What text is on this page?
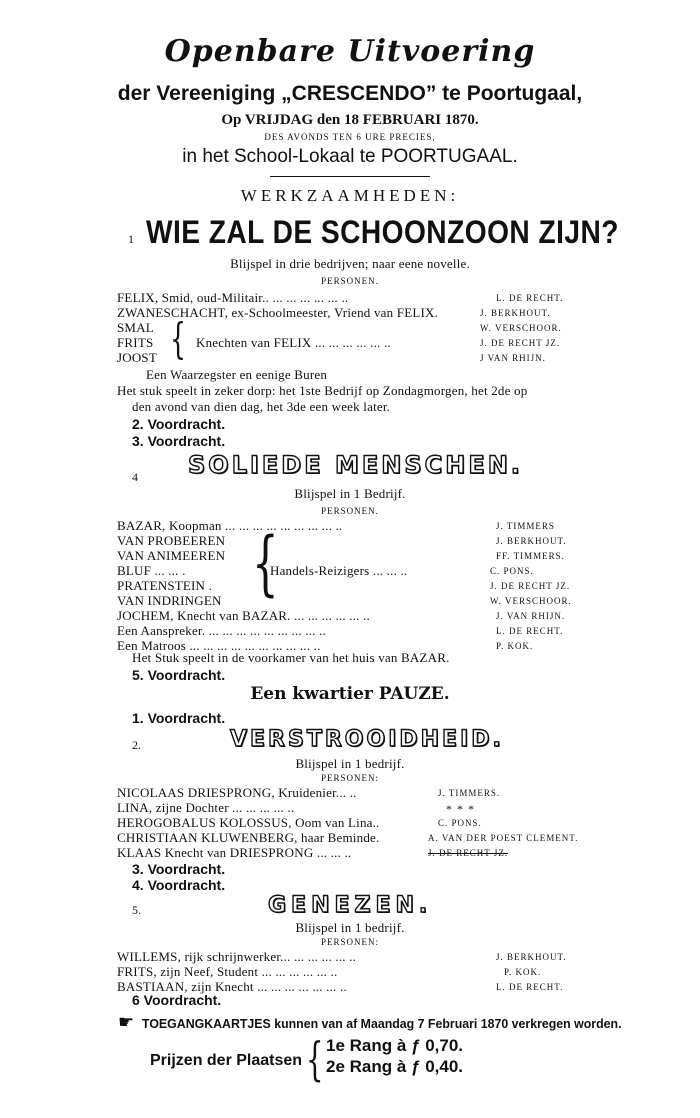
Openbare Uitvoering
der Vereeniging „CRESCENDO” te Poortugaal,
Op VRIJDAG den 18 FEBRUARI 1870.
DES AVONDS TEN 6 URE PRECIES,
in het School-Lokaal te POORTUGAAL.
WERKZAAMHEDEN:
1 WIE ZAL DE SCHOONZOON ZIJN?
Blijspel in drie bedrijven; naar eene novelle.
PERSONEN.
FELIX, Smid, oud-Militair.. ... ... ... ... ... ..	L. DE RECHT.
ZWANESCHACHT, ex-Schoolmeester, Vriend van FELIX.	J. BERKHOUT.
SMAL	W. VERSCHOOR.
FRITS	J. DE RECHT JZ.
JOOST	J VAN RHIJN.
{ Knechten van FELIX ... ... ... ... ... ..
Een Waarzegster en eenige Buren
Het stuk speelt in zeker dorp: het 1ste Bedrijf op Zondagmorgen, het 2de op
den avond van dien dag, het 3de een week later.
2. Voordracht.
3. Voordracht.
4 SOLIEDE MENSCHEN.
Blijspel in 1 Bedrijf.
PERSONEN.
BAZAR, Koopman ... ... ... ... ... ... ... ... ..	J. TIMMERS
VAN PROBEEREN	J. BERKHOUT.
VAN ANIMEEREN	FF. TIMMERS.
BLUF ... ... .	C. PONS.
PRATENSTEIN .	J. DE RECHT JZ.
VAN INDRINGEN	W. VERSCHOOR.
{
Handels-Reizigers ... ... ..
JOCHEM, Knecht van BAZAR. ... ... ... ... ... ..	J. VAN RHIJN.
Een Aanspreker. ... ... ... ... ... ... ... ... ..	L. DE RECHT.
Een Matroos ... ... ... ... ... ... ... ... ... ..	P. KOK.
Het Stuk speelt in de voorkamer van het huis van BAZAR.
5. Voordracht.
Een kwartier PAUZE.
1. Voordracht.
2.	VERSTROOIDHEID.
Blijspel in 1 bedrijf.
PERSONEN:
NICOLAAS DRIESPRONG, Kruidenier... ..	J. TIMMERS.
LINA, zijne Dochter ... ... ... ... ..	* * *
HEROGOBALUS KOLOSSUS, Oom van Lina..	C. PONS.
CHRISTIAAN KLUWENBERG, haar Beminde.	A. VAN DER POEST CLEMENT.
KLAAS Knecht van DRIESPRONG ... ... ..	J. DE RECHT JZ.
3. Voordracht.
4. Voordracht.
5.	GENEZEN.
Blijspel in 1 bedrijf.
PERSONEN:
WILLEMS, rijk schrijnwerker... ... ... ... ... ..	J. BERKHOUT.
FRITS, zijn Neef, Student ... ... ... ... ... ..	P. KOK.
BASTIAAN, zijn Knecht ... ... ... ... ... ... ..	L. DE RECHT.
6 Voordracht.
☛ TOEGANGKAARTJES kunnen van af Maandag 7 Februari 1870 verkregen worden.
Prijzen der Plaatsen { 1e Rang à ƒ 0,70.
2e Rang à ƒ 0,40.
